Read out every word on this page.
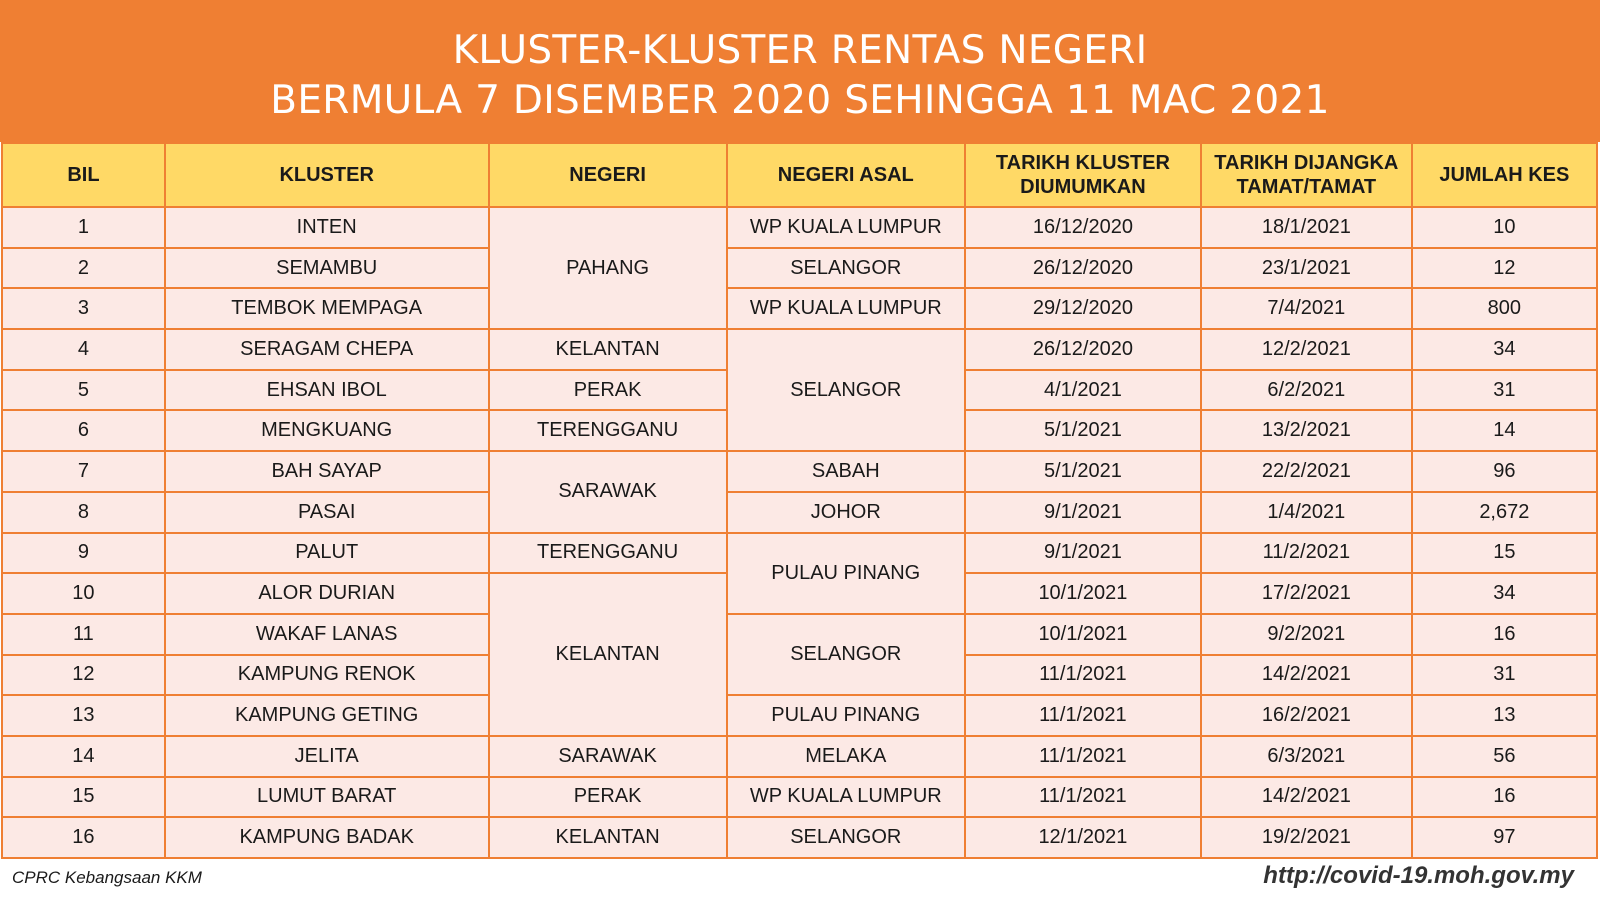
KLUSTER-KLUSTER RENTAS NEGERI
BERMULA 7 DISEMBER 2020 SEHINGGA 11 MAC 2021
BIL	KLUSTER	NEGERI	NEGERI ASAL	TARIKH KLUSTER DIUMUMKAN	TARIKH DIJANGKA TAMAT/TAMAT	JUMLAH KES
1	INTEN	PAHANG	WP KUALA LUMPUR	16/12/2020	18/1/2021	10
2	SEMAMBU		SELANGOR	26/12/2020	23/1/2021	12
3	TEMBOK MEMPAGA		WP KUALA LUMPUR	29/12/2020	7/4/2021	800
4	SERAGAM CHEPA	KELANTAN	SELANGOR	26/12/2020	12/2/2021	34
5	EHSAN IBOL	PERAK		4/1/2021	6/2/2021	31
6	MENGKUANG	TERENGGANU		5/1/2021	13/2/2021	14
7	BAH SAYAP	SARAWAK	SABAH	5/1/2021	22/2/2021	96
8	PASAI		JOHOR	9/1/2021	1/4/2021	2,672
9	PALUT	TERENGGANU	PULAU PINANG	9/1/2021	11/2/2021	15
10	ALOR DURIAN	KELANTAN		10/1/2021	17/2/2021	34
11	WAKAF LANAS		SELANGOR	10/1/2021	9/2/2021	16
12	KAMPUNG RENOK			11/1/2021	14/2/2021	31
13	KAMPUNG GETING		PULAU PINANG	11/1/2021	16/2/2021	13
14	JELITA	SARAWAK	MELAKA	11/1/2021	6/3/2021	56
15	LUMUT BARAT	PERAK	WP KUALA LUMPUR	11/1/2021	14/2/2021	16
16	KAMPUNG BADAK	KELANTAN	SELANGOR	12/1/2021	19/2/2021	97
CPRC Kebangsaan KKM	http://covid-19.moh.gov.my
